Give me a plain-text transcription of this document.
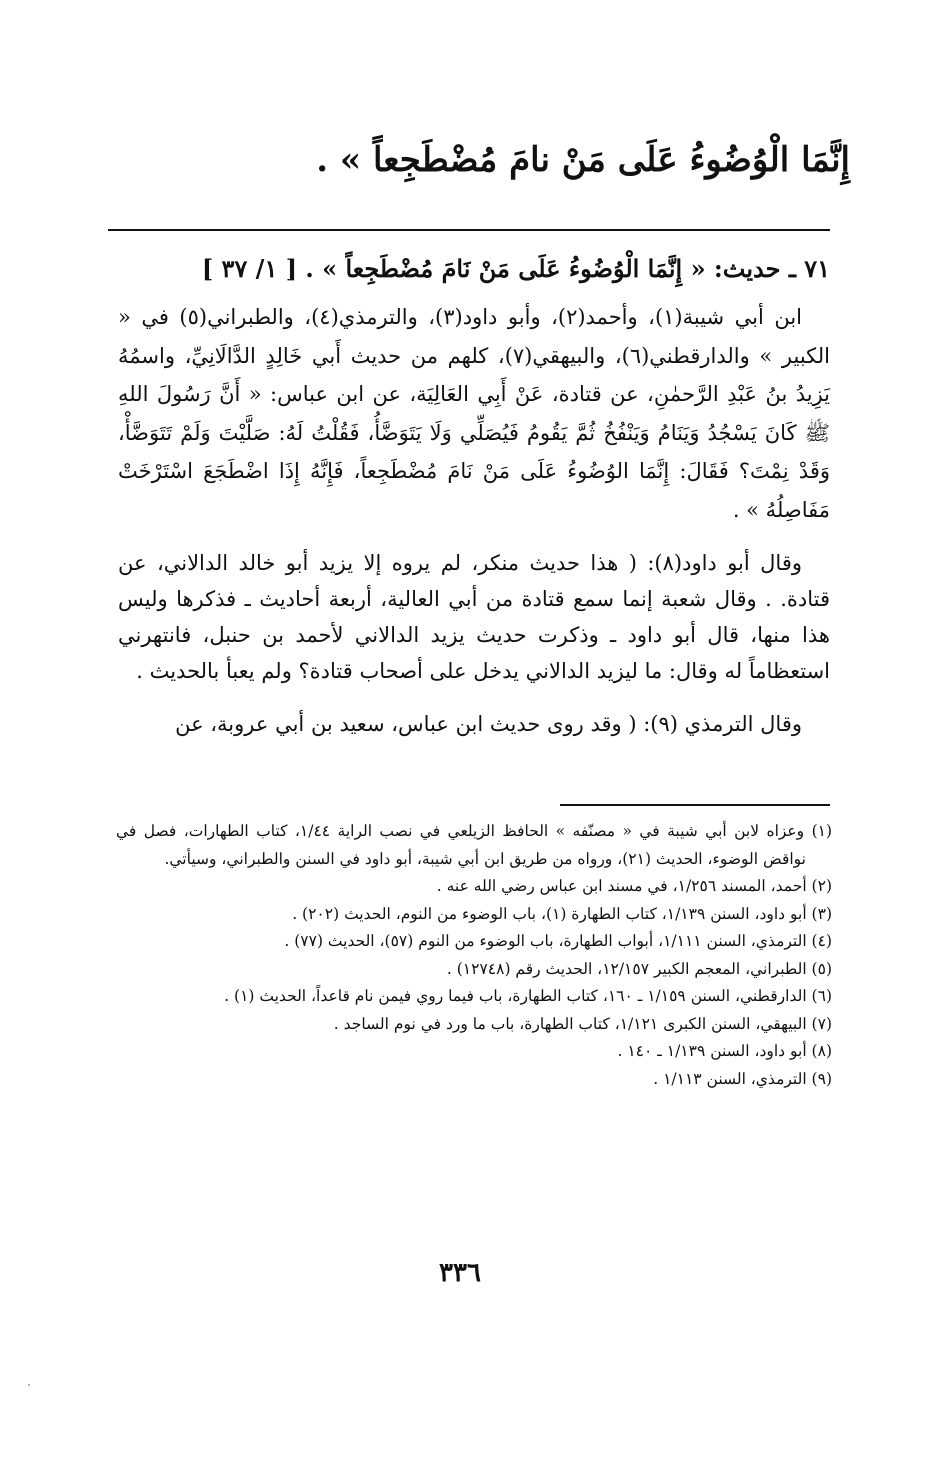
إِنَّمَا الْوُضُوءُ عَلَى مَنْ نامَ مُضْطَجِعاً » .

٧١ ـ حديث: « إِنَّمَا الْوُضُوءُ عَلَى مَنْ نَامَ مُضْطَجِعاً » . [ ١/ ٣٧ ]

ابن أبي شيبة(١)، وأحمد(٢)، وأبو داود(٣)، والترمذي(٤)، والطبراني(٥) في « الكبير » والدارقطني(٦)، والبيهقي(٧)، كلهم من حديث أَبي خَالِدٍ الدَّالَانِيِّ، واسمُهُ يَزِيدُ بنُ عَبْدِ الرَّحمٰنِ، عن قتادة، عَنْ أَبِي العَالِيَة، عن ابن عباس: « أَنَّ رَسُولَ اللهِ ﷺ كَانَ يَسْجُدُ وَيَنَامُ وَيَنْفُخُ ثُمَّ يَقُومُ فَيُصَلِّي وَلَا يَتَوَضَّأُ، فَقُلْتُ لَهُ: صَلَّيْتَ وَلَمْ تَتَوَضَّأْ، وَقَدْ نِمْتَ؟ فَقَالَ: إِنَّمَا الوُضُوءُ عَلَى مَنْ نَامَ مُضْطَجِعاً، فَإِنَّهُ إِذَا اضْطَجَعَ اسْتَرْخَتْ مَفَاصِلُهُ » .

وقال أبو داود(٨): ( هذا حديث منكر، لم يروه إلا يزيد أبو خالد الدالاني، عن قتادة. . وقال شعبة إنما سمع قتادة من أبي العالية، أربعة أحاديث ـ فذكرها وليس هذا منها، قال أبو داود ـ وذكرت حديث يزيد الدالاني لأحمد بن حنبل، فانتهرني استعظاماً له وقال: ما ليزيد الدالاني يدخل على أصحاب قتادة؟ ولم يعبأ بالحديث .

وقال الترمذي (٩): ( وقد روى حديث ابن عباس، سعيد بن أبي عروبة، عن

(١) وعزاه لابن أبي شيبة في « مصنّفه » الحافظ الزيلعي في نصب الراية ١/٤٤، كتاب الطهارات، فصل في نواقض الوضوء، الحديث (٢١)، ورواه من طريق ابن أبي شيبة، أبو داود في السنن والطبراني، وسيأتي.
(٢) أحمد، المسند ١/٢٥٦، في مسند ابن عباس رضي الله عنه .
(٣) أبو داود، السنن ١/١٣٩، كتاب الطهارة (١)، باب الوضوء من النوم، الحديث (٢٠٢) .
(٤) الترمذي، السنن ١/١١١، أبواب الطهارة، باب الوضوء من النوم (٥٧)، الحديث (٧٧) .
(٥) الطبراني، المعجم الكبير ١٢/١٥٧، الحديث رقم (١٢٧٤٨) .
(٦) الدارقطني، السنن ١/١٥٩ ـ ١٦٠، كتاب الطهارة، باب فيما روي فيمن نام قاعداً، الحديث (١) .
(٧) البيهقي، السنن الكبرى ١/١٢١، كتاب الطهارة، باب ما ورد في نوم الساجد .
(٨) أبو داود، السنن ١/١٣٩ ـ ١٤٠ .
(٩) الترمذي، السنن ١/١١٣ .
٣٣٦
